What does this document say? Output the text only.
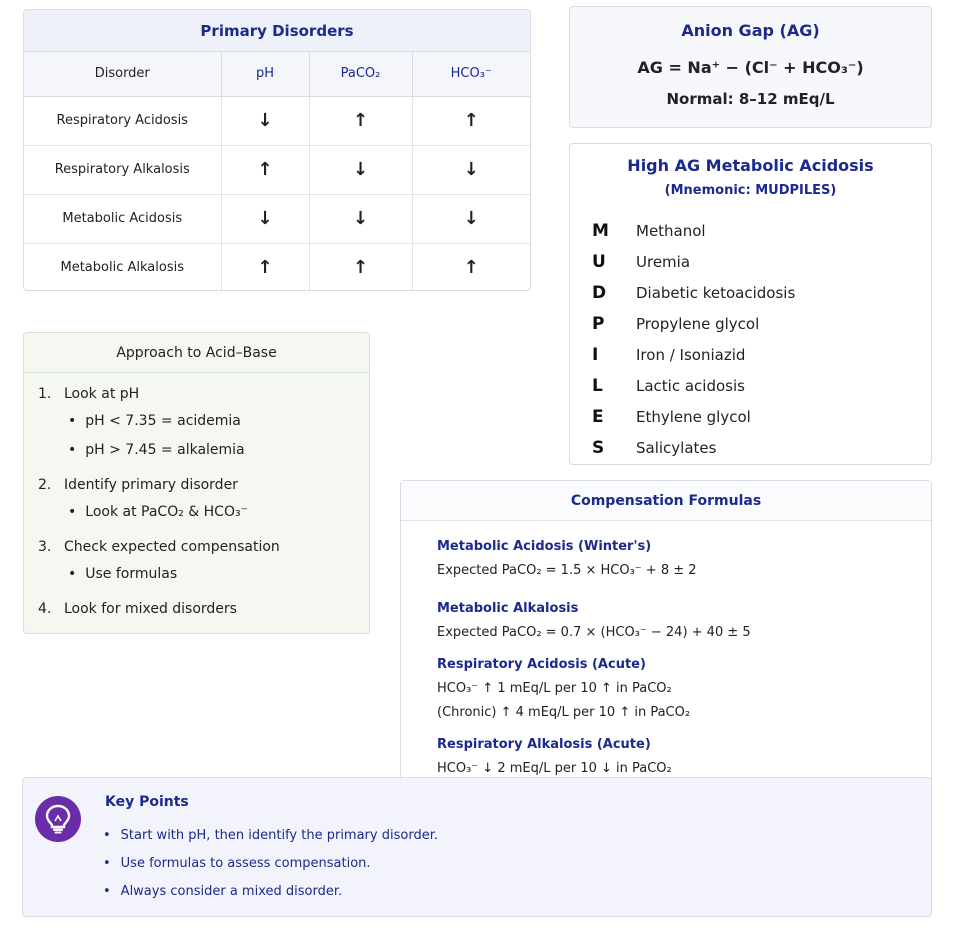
Primary Disorders
Disorder	pH	PaCO₂	HCO₃⁻
Respiratory Acidosis	↓	↑	↑
Respiratory Alkalosis	↑	↓	↓
Metabolic Acidosis	↓	↓	↓
Metabolic Alkalosis	↑	↑	↑
Anion Gap (AG)
AG = Na⁺ − (Cl⁻ + HCO₃⁻)
Normal: 8–12 mEq/L
High AG Metabolic Acidosis
(Mnemonic: MUDPILES)
M	Methanol
U	Uremia
D	Diabetic ketoacidosis
P	Propylene glycol
I	Iron / Isoniazid
L	Lactic acidosis
E	Ethylene glycol
S	Salicylates
Approach to Acid–Base
1. Look at pH
• pH < 7.35 = acidemia
• pH > 7.45 = alkalemia
2. Identify primary disorder
• Look at PaCO₂ & HCO₃⁻
3. Check expected compensation
• Use formulas
4. Look for mixed disorders
Compensation Formulas
Metabolic Acidosis (Winter's)
Expected PaCO₂ = 1.5 × HCO₃⁻ + 8 ± 2
Metabolic Alkalosis
Expected PaCO₂ = 0.7 × (HCO₃⁻ − 24) + 40 ± 5
Respiratory Acidosis (Acute)
HCO₃⁻ ↑ 1 mEq/L per 10 ↑ in PaCO₂
(Chronic) ↑ 4 mEq/L per 10 ↑ in PaCO₂
Respiratory Alkalosis (Acute)
HCO₃⁻ ↓ 2 mEq/L per 10 ↓ in PaCO₂
Key Points
• Start with pH, then identify the primary disorder.
• Use formulas to assess compensation.
• Always consider a mixed disorder.
